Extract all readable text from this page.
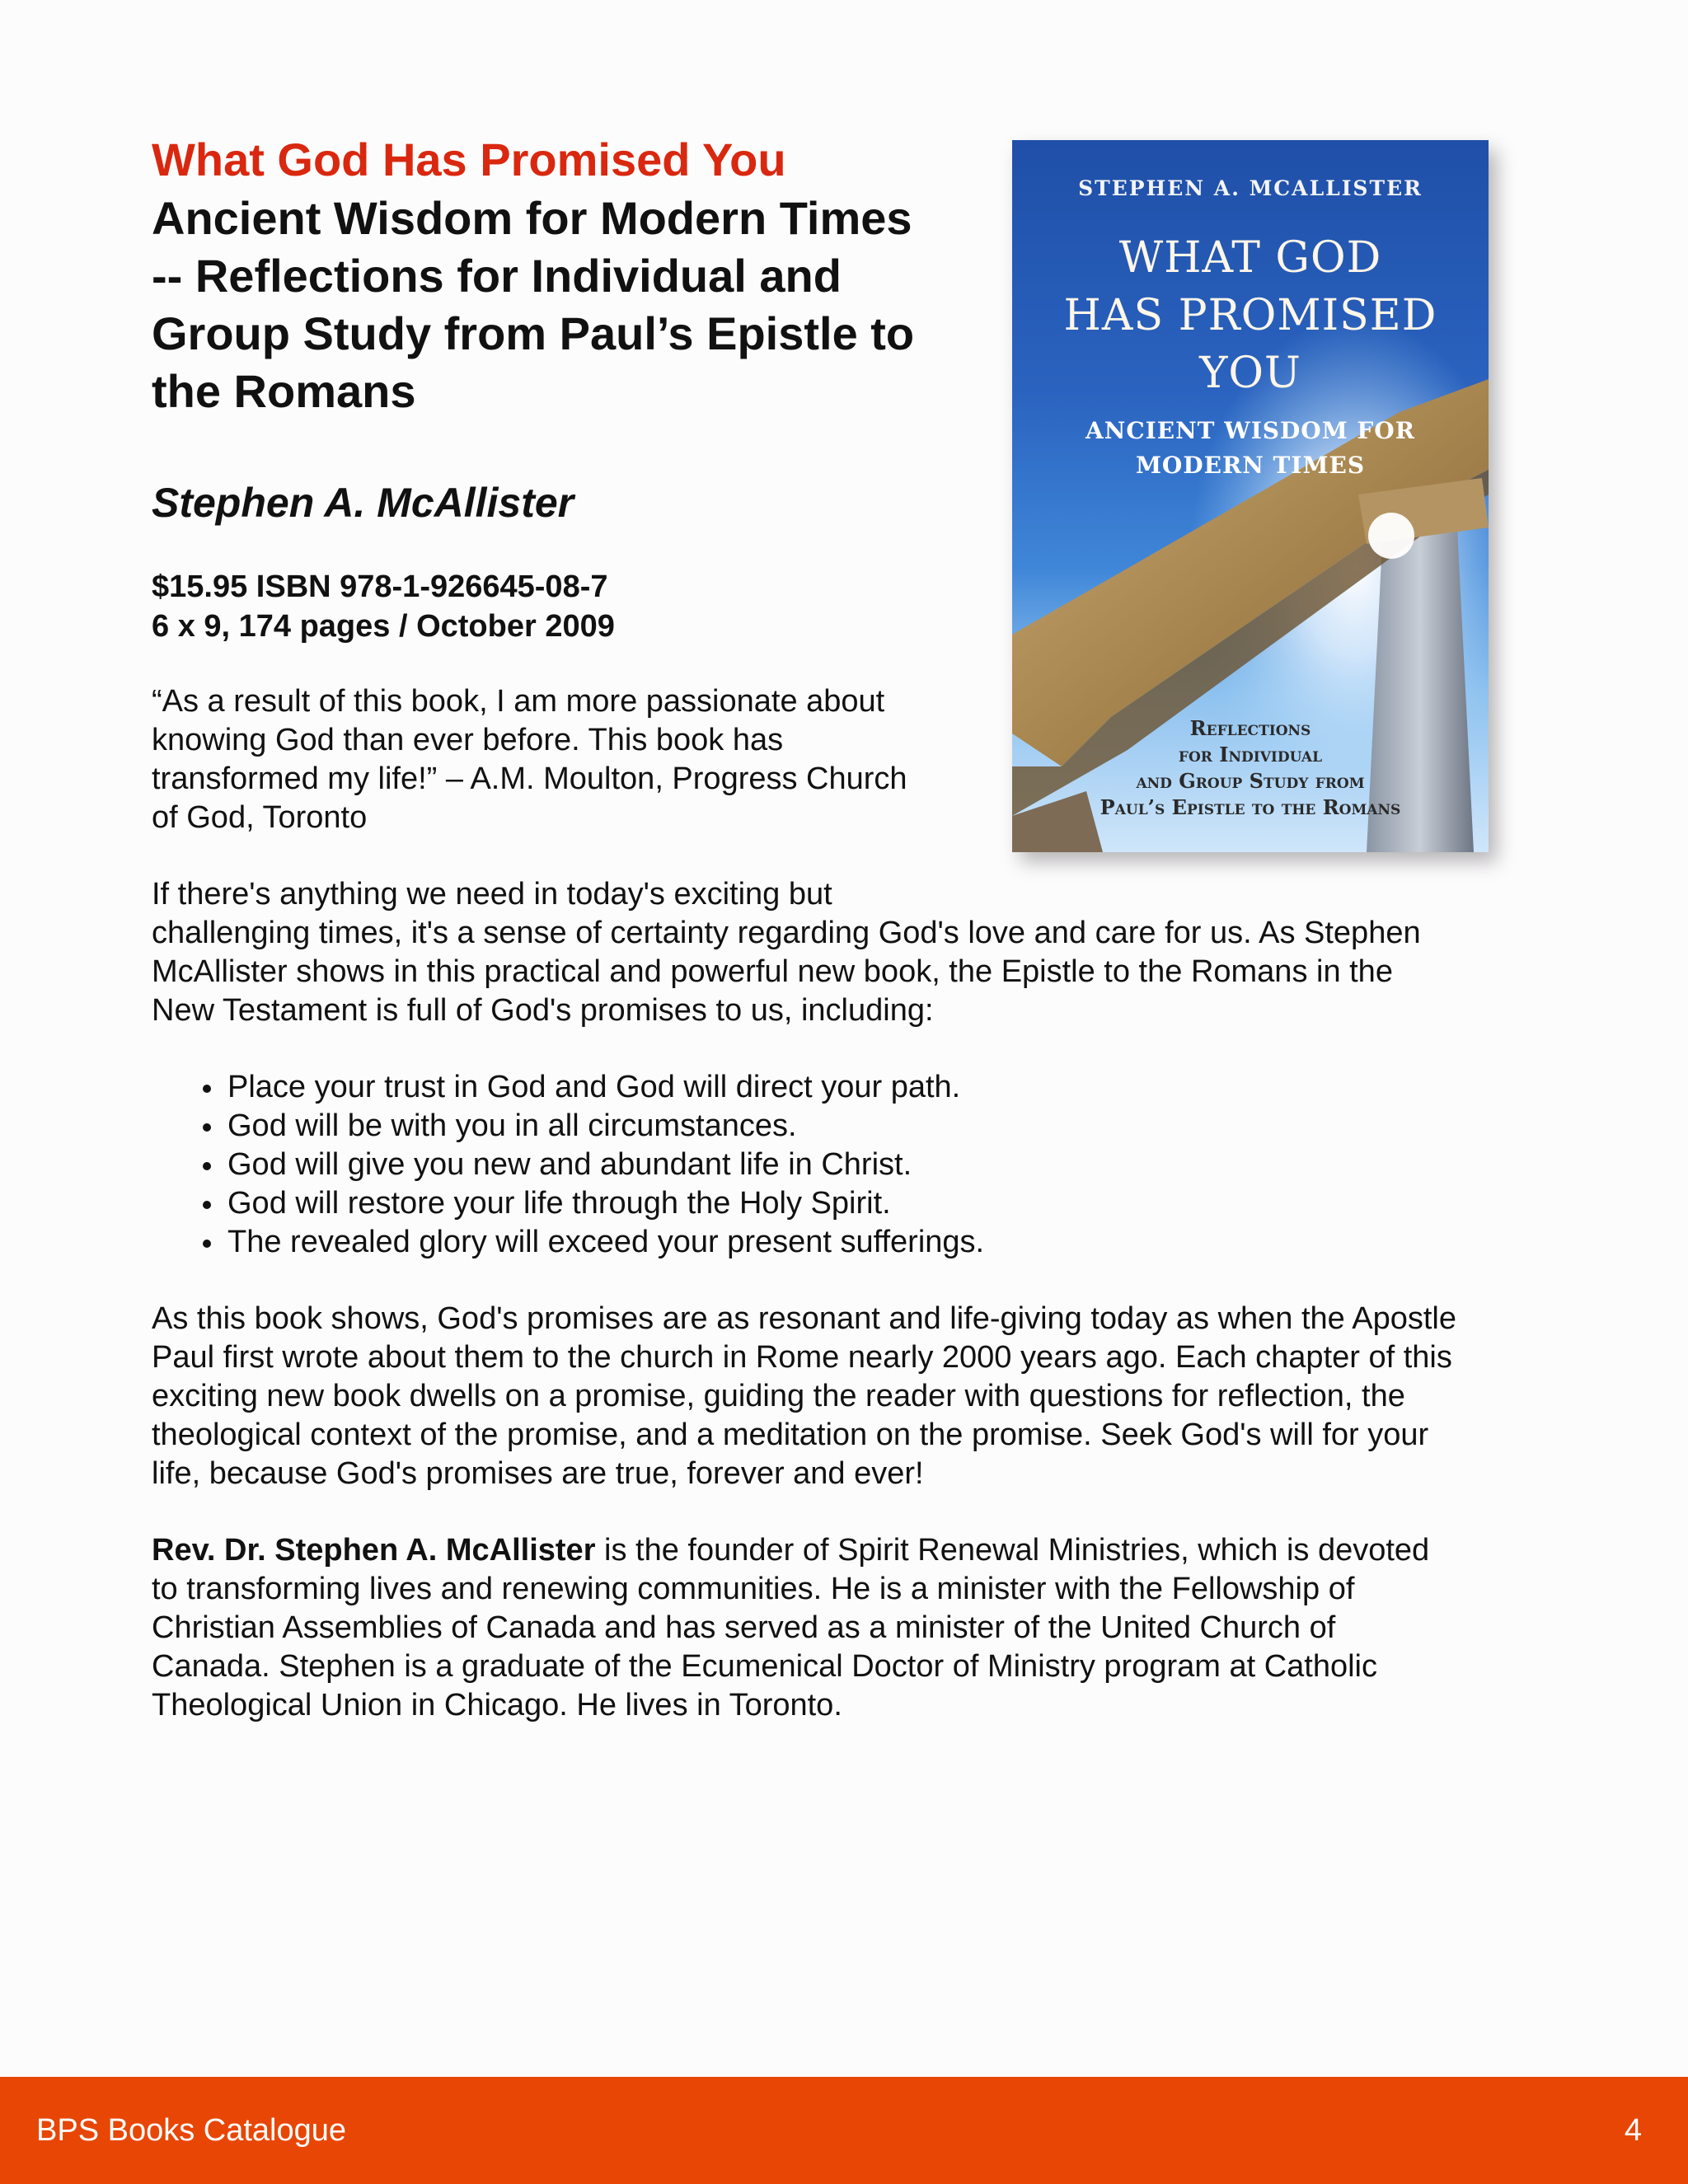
What God Has Promised You
Ancient Wisdom for Modern Times
-- Reflections for Individual and
Group Study from Paul’s Epistle to
the Romans
Stephen A. McAllister
$15.95 ISBN 978-1-926645-08-7
6 x 9, 174 pages / October 2009
“As a result of this book, I am more passionate about
knowing God than ever before. This book has
transformed my life!” – A.M. Moulton, Progress Church
of God, Toronto
If there's anything we need in today's exciting but
challenging times, it's a sense of certainty regarding God's love and care for us. As Stephen
McAllister shows in this practical and powerful new book, the Epistle to the Romans in the
New Testament is full of God's promises to us, including:
Place your trust in God and God will direct your path.
God will be with you in all circumstances.
God will give you new and abundant life in Christ.
God will restore your life through the Holy Spirit.
The revealed glory will exceed your present sufferings.
As this book shows, God's promises are as resonant and life-giving today as when the Apostle
Paul first wrote about them to the church in Rome nearly 2000 years ago. Each chapter of this
exciting new book dwells on a promise, guiding the reader with questions for reflection, the
theological context of the promise, and a meditation on the promise. Seek God's will for your
life, because God's promises are true, forever and ever!
Rev. Dr. Stephen A. McAllister is the founder of Spirit Renewal Ministries, which is devoted
to transforming lives and renewing communities. He is a minister with the Fellowship of
Christian Assemblies of Canada and has served as a minister of the United Church of
Canada. Stephen is a graduate of the Ecumenical Doctor of Ministry program at Catholic
Theological Union in Chicago. He lives in Toronto.
STEPHEN A. MCALLISTER
WHAT GOD
HAS PROMISED
YOU
ANCIENT WISDOM FOR
MODERN TIMES
Reflections
for Individual
and Group Study from
Paul’s Epistle to the Romans
BPS Books Catalogue	4
